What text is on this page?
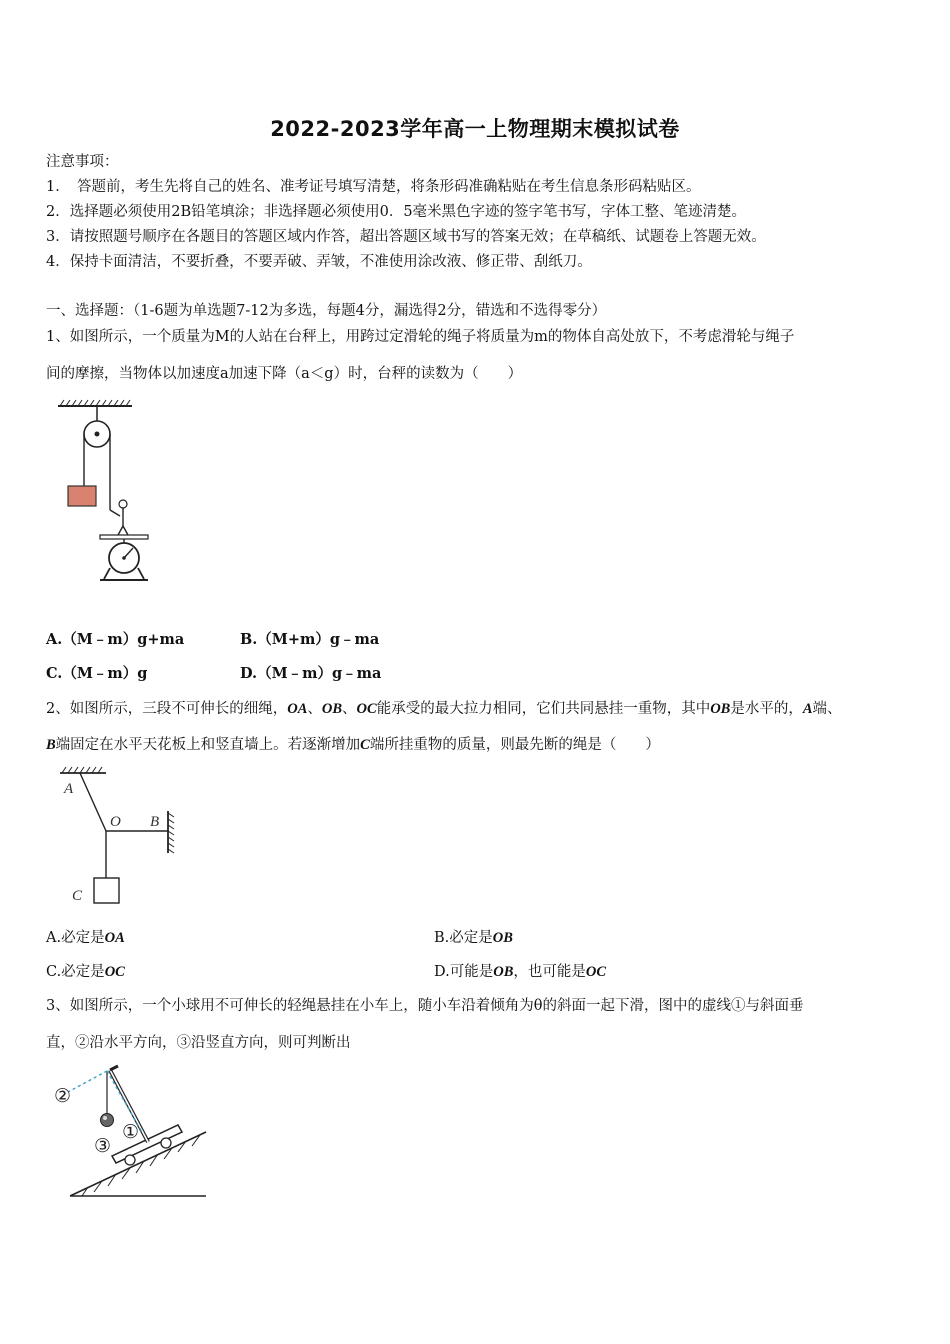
2022-2023学年高一上物理期末模拟试卷
注意事项：
1．　答题前，考生先将自己的姓名、准考证号填写清楚，将条形码准确粘贴在考生信息条形码粘贴区。
2．选择题必须使用2B铅笔填涂；非选择题必须使用0．5毫米黑色字迹的签字笔书写，字体工整、笔迹清楚。
3．请按照题号顺序在各题目的答题区域内作答，超出答题区域书写的答案无效；在草稿纸、试题卷上答题无效。
4．保持卡面清洁，不要折叠，不要弄破、弄皱，不准使用涂改液、修正带、刮纸刀。
一、选择题：（1-6题为单选题7-12为多选，每题4分，漏选得2分，错选和不选得零分）
1、如图所示，一个质量为M的人站在台秤上，用跨过定滑轮的绳子将质量为m的物体自高处放下，不考虑滑轮与绳子
间的摩擦，当物体以加速度a加速下降（a＜g）时，台秤的读数为（　　）
A.（M﹣m）g+ma	B.（M+m）g﹣ma
C.（M﹣m）g	D.（M﹣m）g﹣ma
2、如图所示，三段不可伸长的细绳，OA、OB、OC能承受的最大拉力相同，它们共同悬挂一重物，其中OB是水平的，A端、
B端固定在水平天花板上和竖直墙上。若逐渐增加C端所挂重物的质量，则最先断的绳是（　　）
A
O B
C
A.必定是OA	B.必定是OB
C.必定是OC	D.可能是OB，也可能是OC
3、如图所示，一个小球用不可伸长的轻绳悬挂在小车上，随小车沿着倾角为θ的斜面一起下滑，图中的虚线①与斜面垂
直，②沿水平方向，③沿竖直方向，则可判断出
②
③
①
